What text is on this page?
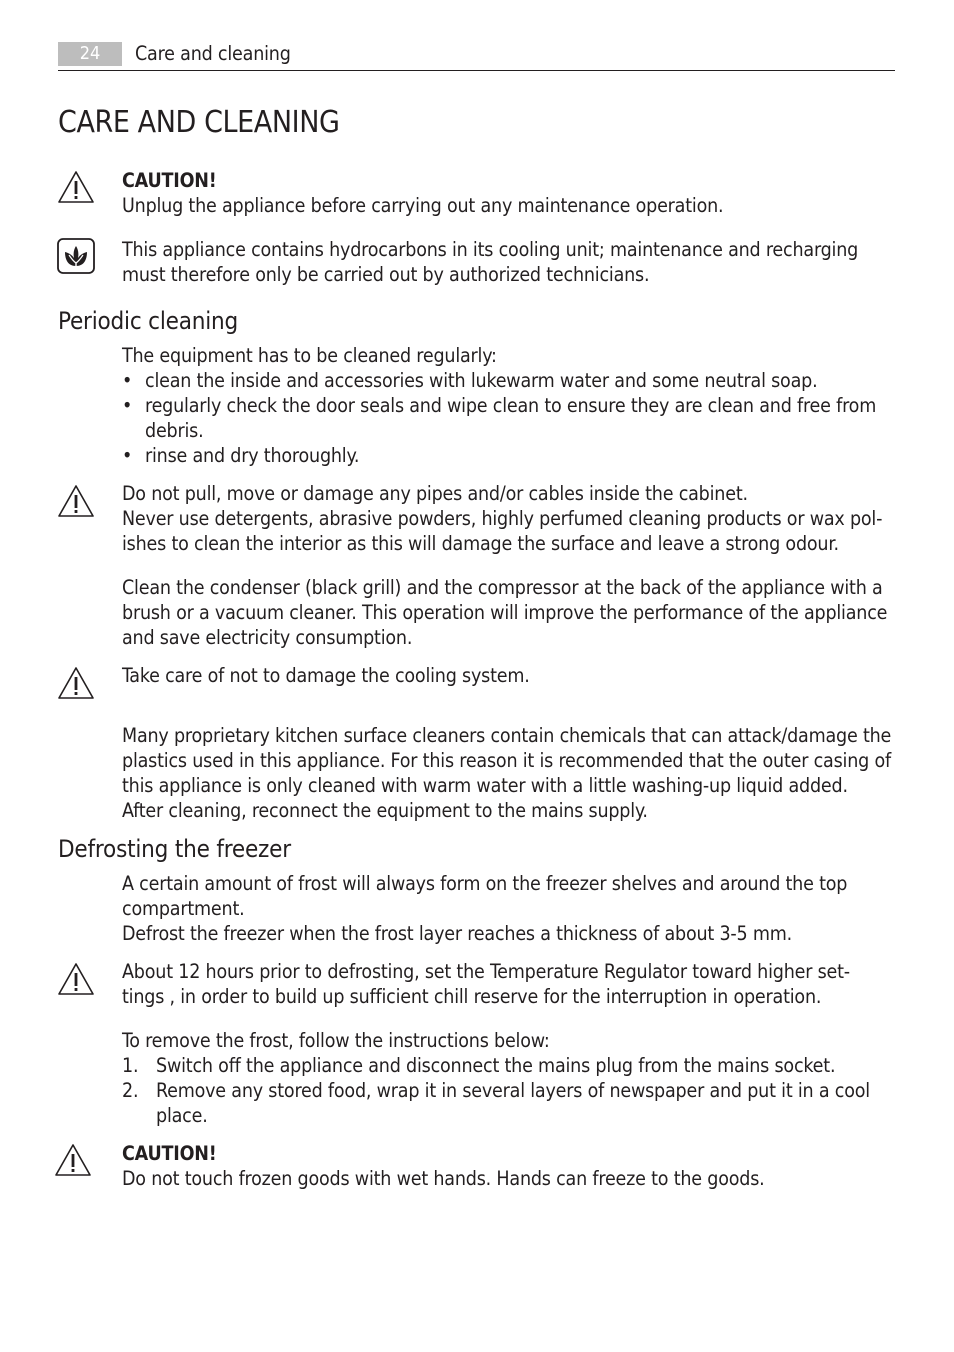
24	Care and cleaning
CARE AND CLEANING
CAUTION!
Unplug the appliance before carrying out any maintenance operation.
This appliance contains hydrocarbons in its cooling unit; maintenance and recharging
must therefore only be carried out by authorized technicians.
Periodic cleaning
The equipment has to be cleaned regularly:
• clean the inside and accessories with lukewarm water and some neutral soap.
• regularly check the door seals and wipe clean to ensure they are clean and free from
debris.
• rinse and dry thoroughly.
Do not pull, move or damage any pipes and/or cables inside the cabinet.
Never use detergents, abrasive powders, highly perfumed cleaning products or wax pol-
ishes to clean the interior as this will damage the surface and leave a strong odour.
Clean the condenser (black grill) and the compressor at the back of the appliance with a
brush or a vacuum cleaner. This operation will improve the performance of the appliance
and save electricity consumption.
Take care of not to damage the cooling system.
Many proprietary kitchen surface cleaners contain chemicals that can attack/damage the
plastics used in this appliance. For this reason it is recommended that the outer casing of
this appliance is only cleaned with warm water with a little washing-up liquid added.
After cleaning, reconnect the equipment to the mains supply.
Defrosting the freezer
A certain amount of frost will always form on the freezer shelves and around the top
compartment.
Defrost the freezer when the frost layer reaches a thickness of about 3-5 mm.
About 12 hours prior to defrosting, set the Temperature Regulator toward higher set-
tings , in order to build up sufficient chill reserve for the interruption in operation.
To remove the frost, follow the instructions below:
1. Switch off the appliance and disconnect the mains plug from the mains socket.
2. Remove any stored food, wrap it in several layers of newspaper and put it in a cool
place.
CAUTION!
Do not touch frozen goods with wet hands. Hands can freeze to the goods.
